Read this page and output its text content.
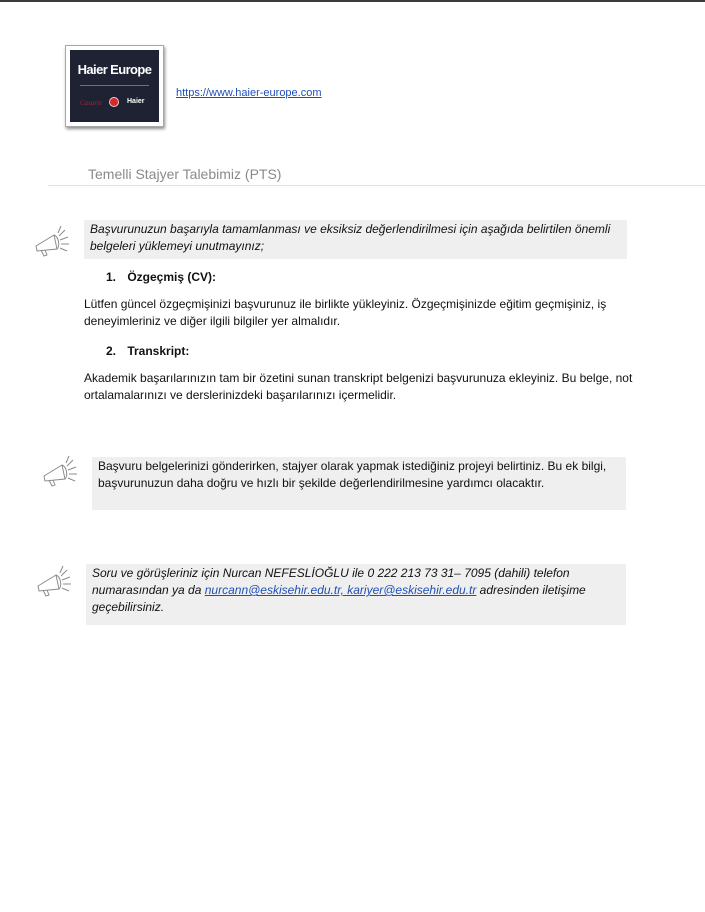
Haier Europe
Casarte	Haier
https://www.haier-europe.com
Temelli Stajyer Talebimiz (PTS)
Başvurunuzun başarıyla tamamlanması ve eksiksiz değerlendirilmesi için aşağıda belirtilen önemli belgeleri yüklemeyi unutmayınız;
1. Özgeçmiş (CV):
Lütfen güncel özgeçmişinizi başvurunuz ile birlikte yükleyiniz. Özgeçmişinizde eğitim geçmişiniz, iş deneyimleriniz ve diğer ilgili bilgiler yer almalıdır.
2. Transkript:
Akademik başarılarınızın tam bir özetini sunan transkript belgenizi başvurunuza ekleyiniz. Bu belge, not ortalamalarınızı ve derslerinizdeki başarılarınızı içermelidir.
Başvuru belgelerinizi gönderirken, stajyer olarak yapmak istediğiniz projeyi belirtiniz. Bu ek bilgi, başvurunuzun daha doğru ve hızlı bir şekilde değerlendirilmesine yardımcı olacaktır.
Soru ve görüşleriniz için Nurcan NEFESLİOĞLU ile 0 222 213 73 31– 7095 (dahili) telefon numarasından ya da nurcann@eskisehir.edu.tr, kariyer@eskisehir.edu.tr adresinden iletişime geçebilirsiniz.
